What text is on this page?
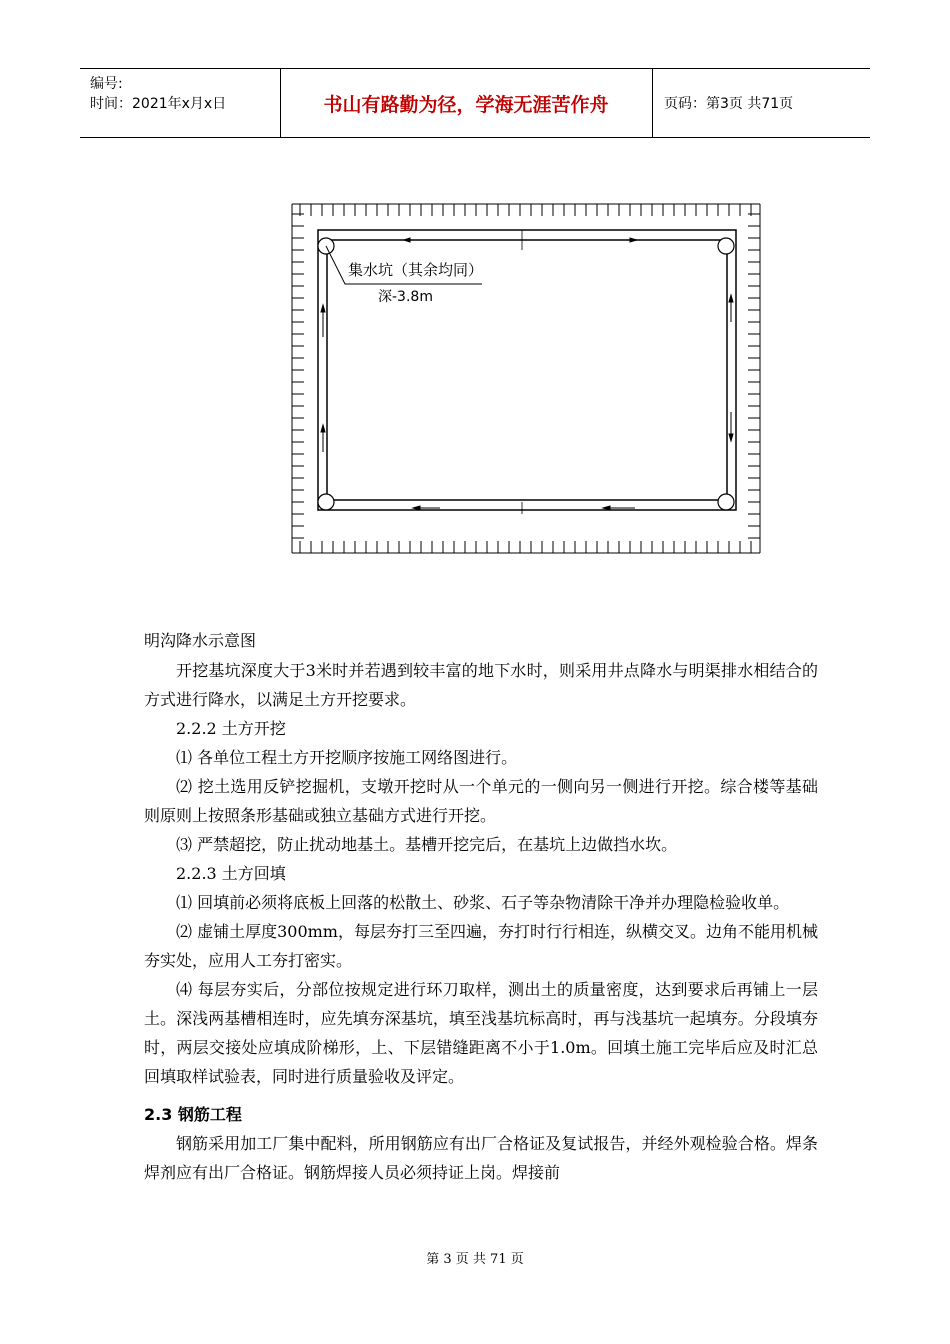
编号:
时间：2021年x月x日	书山有路勤为径，学海无涯苦作舟	页码：第3页 共71页
集水坑（其余均同）
深-3.8m
明沟降水示意图

开挖基坑深度大于3米时并若遇到较丰富的地下水时，则采用井点降水与明渠排水相结合的方式进行降水，以满足土方开挖要求。

2.2.2 土方开挖

⑴ 各单位工程土方开挖顺序按施工网络图进行。

⑵ 挖土选用反铲挖掘机，支墩开挖时从一个单元的一侧向另一侧进行开挖。综合楼等基础则原则上按照条形基础或独立基础方式进行开挖。

⑶ 严禁超挖，防止扰动地基土。基槽开挖完后，在基坑上边做挡水坎。

2.2.3 土方回填

⑴ 回填前必须将底板上回落的松散土、砂浆、石子等杂物清除干净并办理隐检验收单。

⑵ 虚铺土厚度300mm，每层夯打三至四遍，夯打时行行相连，纵横交叉。边角不能用机械夯实处，应用人工夯打密实。

⑷ 每层夯实后，分部位按规定进行环刀取样，测出土的质量密度，达到要求后再铺上一层土。深浅两基槽相连时，应先填夯深基坑，填至浅基坑标高时，再与浅基坑一起填夯。分段填夯时，两层交接处应填成阶梯形，上、下层错缝距离不小于1.0m。回填土施工完毕后应及时汇总回填取样试验表，同时进行质量验收及评定。

2.3 钢筋工程

钢筋采用加工厂集中配料，所用钢筋应有出厂合格证及复试报告，并经外观检验合格。焊条焊剂应有出厂合格证。钢筋焊接人员必须持证上岗。焊接前

第 3 页 共 71 页
